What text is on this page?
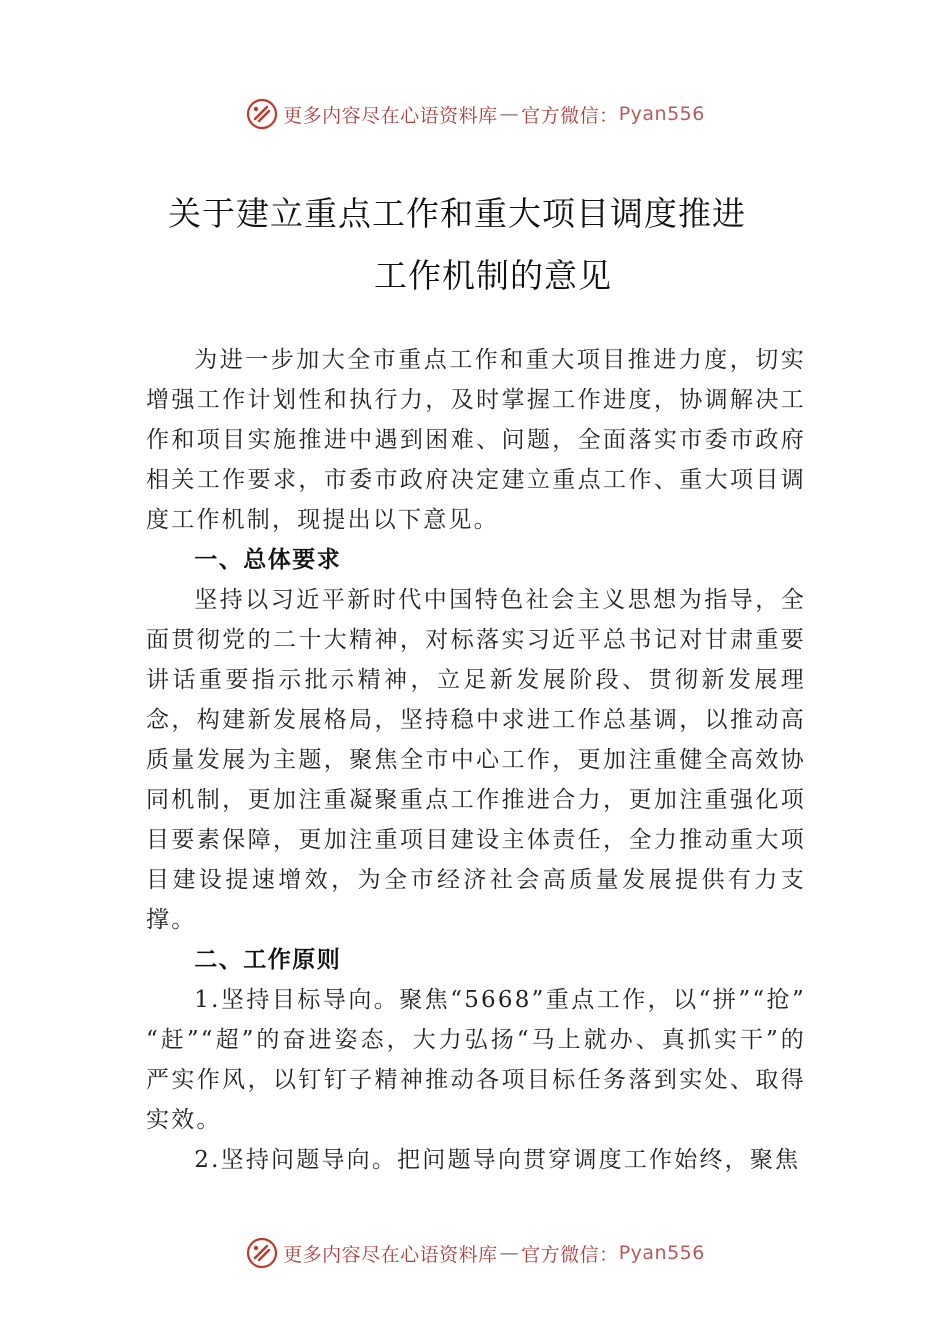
更多内容尽在心语资料库 — 官方微信： Pyan556
关于建立重点工作和重大项目调度推进
工作机制的意见

为进一步加大全市重点工作和重大项目推进力度，切实增强工作计划性和执行力，及时掌握工作进度，协调解决工作和项目实施推进中遇到困难、问题，全面落实市委市政府相关工作要求，市委市政府决定建立重点工作、重大项目调度工作机制，现提出以下意见。

一、总体要求

坚持以习近平新时代中国特色社会主义思想为指导，全面贯彻党的二十大精神，对标落实习近平总书记对甘肃重要讲话重要指示批示精神，立足新发展阶段、贯彻新发展理念，构建新发展格局，坚持稳中求进工作总基调，以推动高质量发展为主题，聚焦全市中心工作，更加注重健全高效协同机制，更加注重凝聚重点工作推进合力，更加注重强化项目要素保障，更加注重项目建设主体责任，全力推动重大项目建设提速增效，为全市经济社会高质量发展提供有力支撑。

二、工作原则

1.坚持目标导向。聚焦“5668”重点工作，以“拼”“抢” “赶”“超”的奋进姿态，大力弘扬“马上就办、真抓实干”的严实作风，以钉钉子精神推动各项目标任务落到实处、取得实效。

2.坚持问题导向。把问题导向贯穿调度工作始终，聚焦

更多内容尽在心语资料库 — 官方微信： Pyan556
